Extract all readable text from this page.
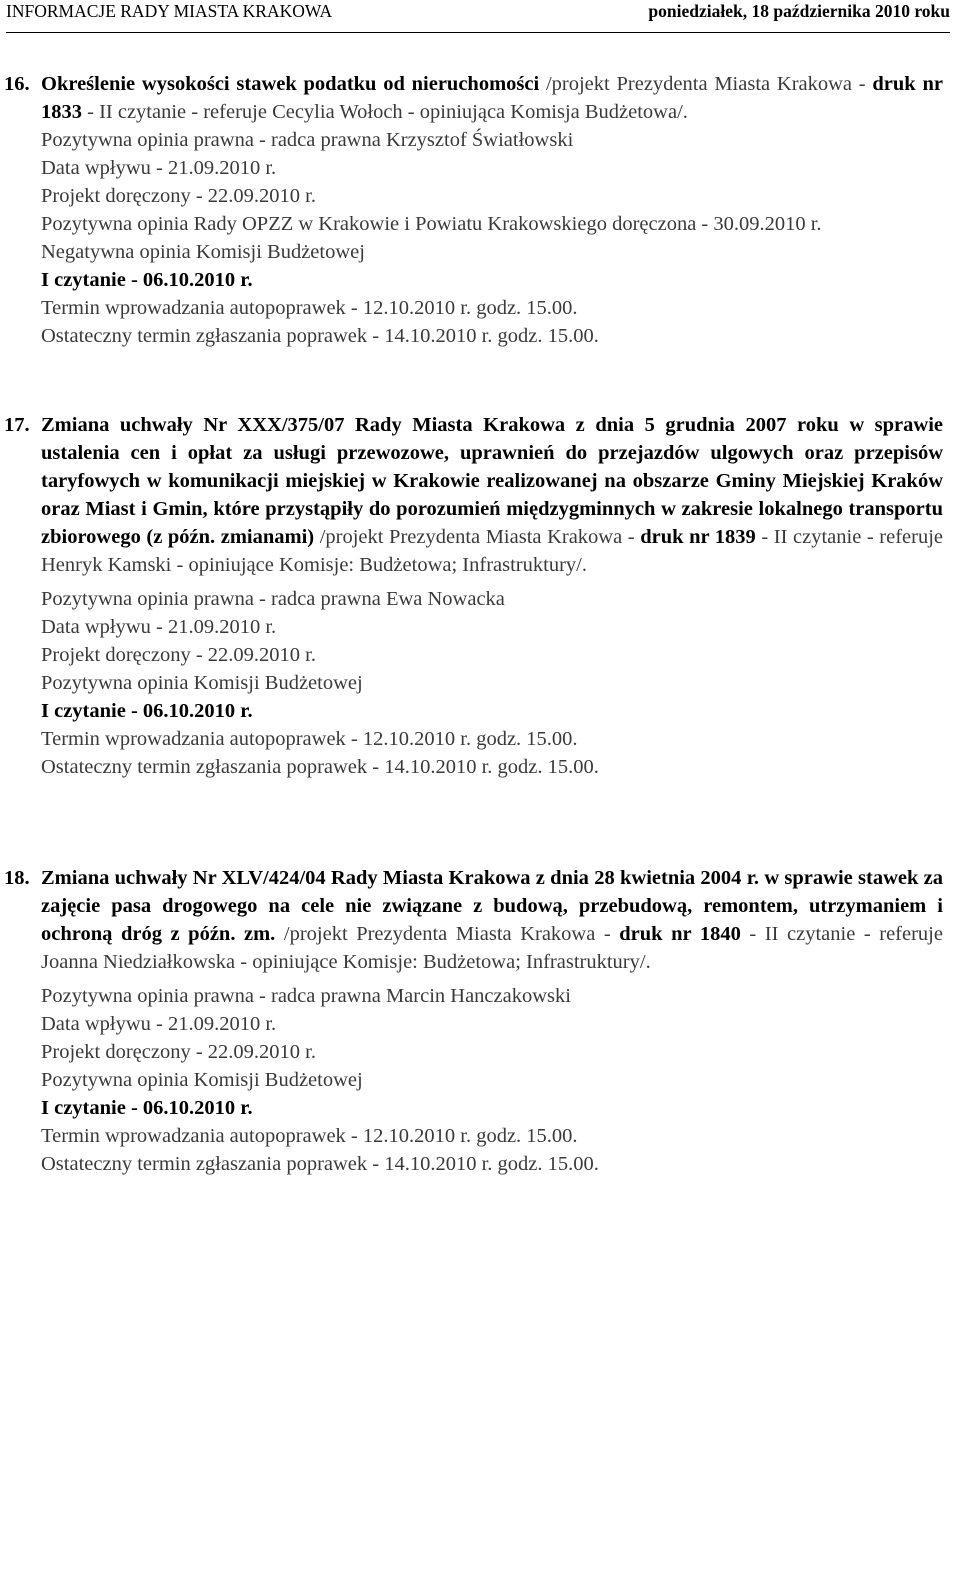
INFORMACJE RADY MIASTA KRAKOWA	poniedziałek, 18 października 2010 roku
16. Określenie wysokości stawek podatku od nieruchomości /projekt Prezydenta Miasta Krakowa - druk nr 1833 - II czytanie - referuje Cecylia Wołoch - opiniująca Komisja Budżetowa/.
Pozytywna opinia prawna - radca prawna Krzysztof Światłowski
Data wpływu - 21.09.2010 r.
Projekt doręczony - 22.09.2010 r.
Pozytywna opinia Rady OPZZ w Krakowie i Powiatu Krakowskiego doręczona - 30.09.2010 r.
Negatywna opinia Komisji Budżetowej
I czytanie - 06.10.2010 r.
Termin wprowadzania autopoprawek - 12.10.2010 r. godz. 15.00.
Ostateczny termin zgłaszania poprawek - 14.10.2010 r. godz. 15.00.
17. Zmiana uchwały Nr XXX/375/07 Rady Miasta Krakowa z dnia 5 grudnia 2007 roku w sprawie ustalenia cen i opłat za usługi przewozowe, uprawnień do przejazdów ulgowych oraz przepisów taryfowych w komunikacji miejskiej w Krakowie realizowanej na obszarze Gminy Miejskiej Kraków oraz Miast i Gmin, które przystąpiły do porozumień międzygminnych w zakresie lokalnego transportu zbiorowego (z późn. zmianami) /projekt Prezydenta Miasta Krakowa - druk nr 1839 - II czytanie - referuje Henryk Kamski - opiniujące Komisje: Budżetowa; Infrastruktury/.
Pozytywna opinia prawna - radca prawna Ewa Nowacka
Data wpływu - 21.09.2010 r.
Projekt doręczony - 22.09.2010 r.
Pozytywna opinia Komisji Budżetowej
I czytanie - 06.10.2010 r.
Termin wprowadzania autopoprawek - 12.10.2010 r. godz. 15.00.
Ostateczny termin zgłaszania poprawek - 14.10.2010 r. godz. 15.00.
18. Zmiana uchwały Nr XLV/424/04 Rady Miasta Krakowa z dnia 28 kwietnia 2004 r. w sprawie stawek za zajęcie pasa drogowego na cele nie związane z budową, przebudową, remontem, utrzymaniem i ochroną dróg z późn. zm. /projekt Prezydenta Miasta Krakowa - druk nr 1840 - II czytanie - referuje Joanna Niedziałkowska - opiniujące Komisje: Budżetowa; Infrastruktury/.
Pozytywna opinia prawna - radca prawna Marcin Hanczakowski
Data wpływu - 21.09.2010 r.
Projekt doręczony - 22.09.2010 r.
Pozytywna opinia Komisji Budżetowej
I czytanie - 06.10.2010 r.
Termin wprowadzania autopoprawek - 12.10.2010 r. godz. 15.00.
Ostateczny termin zgłaszania poprawek - 14.10.2010 r. godz. 15.00.
